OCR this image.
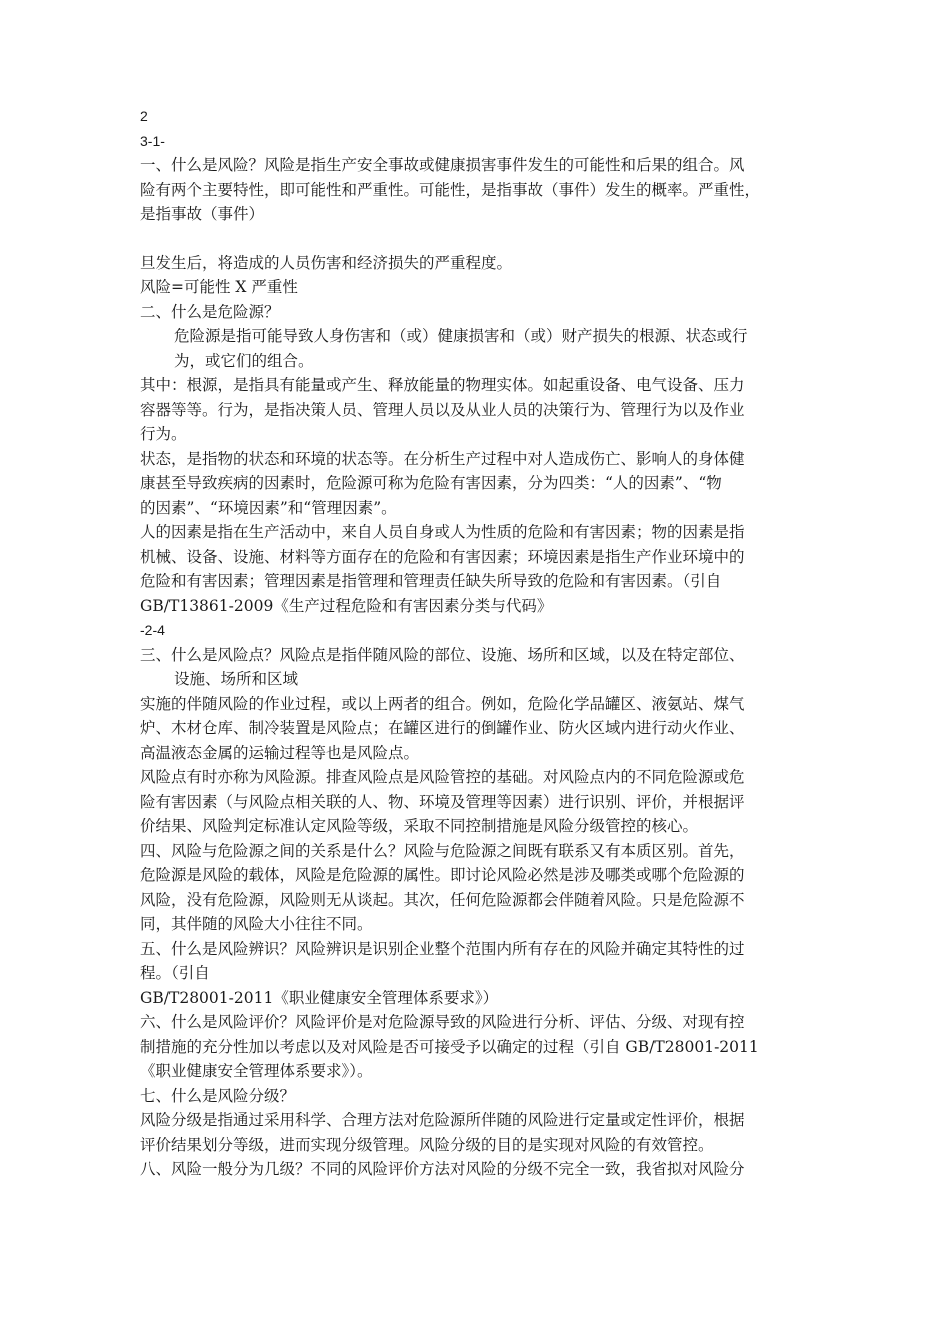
2

3-1-

一、什么是风险？风险是指生产安全事故或健康损害事件发生的可能性和后果的组合。风

险有两个主要特性，即可能性和严重性。可能性，是指事故（事件）发生的概率。严重性，

是指事故（事件）

旦发生后，将造成的人员伤害和经济损失的严重程度。

风险=可能性 X 严重性

二、什么是危险源？

危险源是指可能导致人身伤害和（或）健康损害和（或）财产损失的根源、状态或行

为，或它们的组合。

其中：根源，是指具有能量或产生、释放能量的物理实体。如起重设备、电气设备、压力

容器等等。行为，是指决策人员、管理人员以及从业人员的决策行为、管理行为以及作业

行为。

状态，是指物的状态和环境的状态等。在分析生产过程中对人造成伤亡、影响人的身体健

康甚至导致疾病的因素时，危险源可称为危险有害因素，分为四类：“人的因素”、“物

的因素”、“环境因素”和“管理因素”。

人的因素是指在生产活动中，来自人员自身或人为性质的危险和有害因素；物的因素是指

机械、设备、设施、材料等方面存在的危险和有害因素；环境因素是指生产作业环境中的

危险和有害因素；管理因素是指管理和管理责任缺失所导致的危险和有害因素。（引自

GB/T13861-2009《生产过程危险和有害因素分类与代码》

-2-4

三、什么是风险点？风险点是指伴随风险的部位、设施、场所和区域，以及在特定部位、

设施、场所和区域

实施的伴随风险的作业过程，或以上两者的组合。例如，危险化学品罐区、液氨站、煤气

炉、木材仓库、制冷装置是风险点；在罐区进行的倒罐作业、防火区域内进行动火作业、

高温液态金属的运输过程等也是风险点。

风险点有时亦称为风险源。排查风险点是风险管控的基础。对风险点内的不同危险源或危

险有害因素（与风险点相关联的人、物、环境及管理等因素）进行识别、评价，并根据评

价结果、风险判定标准认定风险等级，采取不同控制措施是风险分级管控的核心。

四、风险与危险源之间的关系是什么？风险与危险源之间既有联系又有本质区别。首先，

危险源是风险的载体，风险是危险源的属性。即讨论风险必然是涉及哪类或哪个危险源的

风险，没有危险源，风险则无从谈起。其次，任何危险源都会伴随着风险。只是危险源不

同，其伴随的风险大小往往不同。

五、什么是风险辨识？风险辨识是识别企业整个范围内所有存在的风险并确定其特性的过

程。（引自

GB/T28001-2011《职业健康安全管理体系要求》）

六、什么是风险评价？风险评价是对危险源导致的风险进行分析、评估、分级、对现有控

制措施的充分性加以考虑以及对风险是否可接受予以确定的过程（引自 GB/T28001-2011

《职业健康安全管理体系要求》）。

七、什么是风险分级？

风险分级是指通过采用科学、合理方法对危险源所伴随的风险进行定量或定性评价，根据

评价结果划分等级，进而实现分级管理。风险分级的目的是实现对风险的有效管控。

八、风险一般分为几级？不同的风险评价方法对风险的分级不完全一致，我省拟对风险分
